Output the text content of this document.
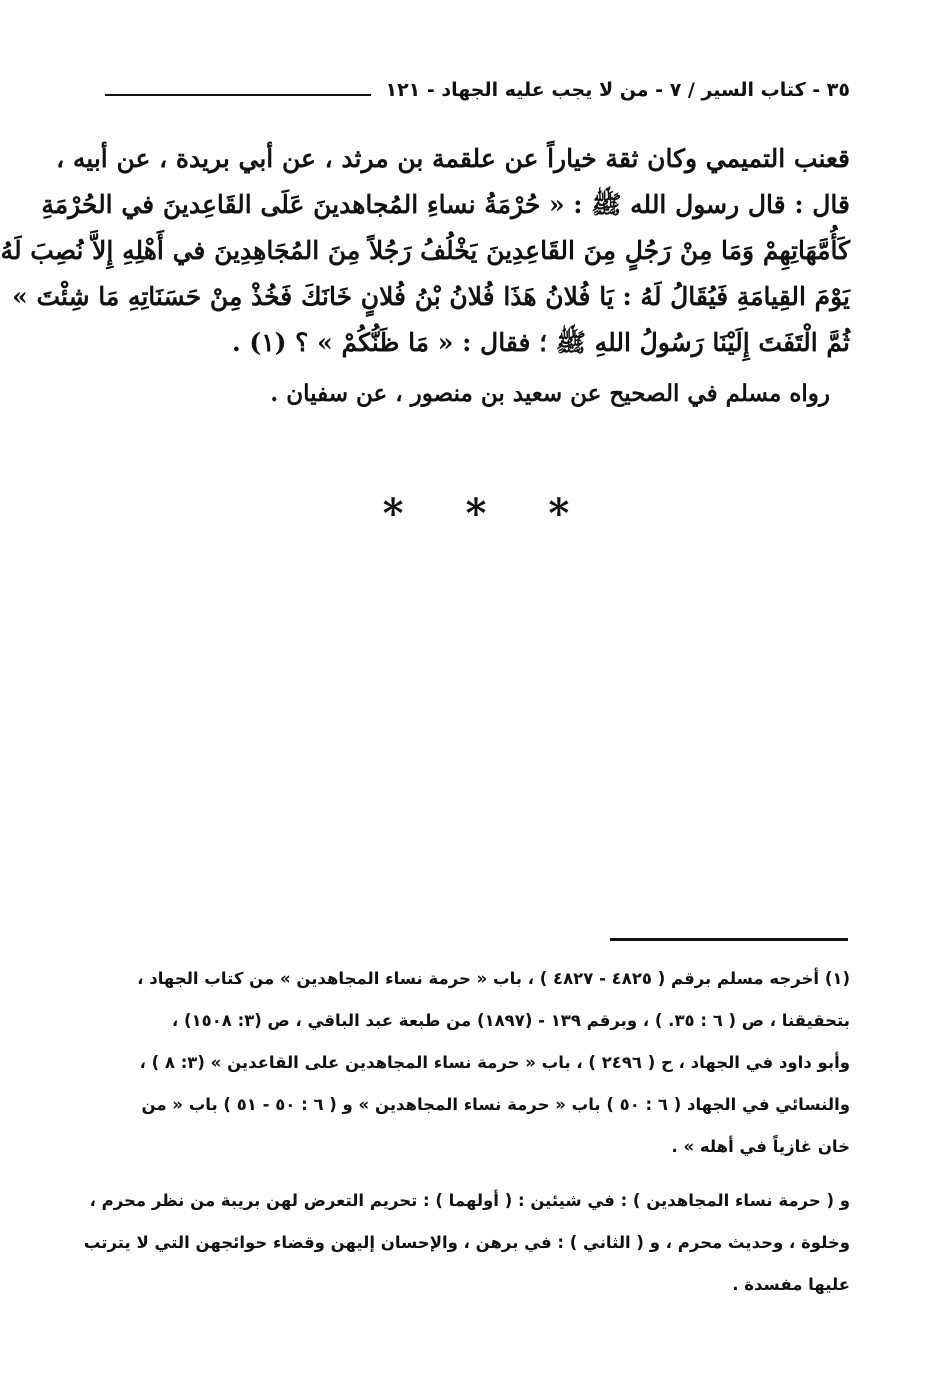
٣٥ - كتاب السير / ٧ - من لا يجب عليه الجهاد - ١٢١
قعنب التميمي وكان ثقة خياراً عن علقمة بن مرثد ، عن أبي بريدة ، عن أبيه ،
قال : قال رسول الله ﷺ : « حُرْمَةُ نساءِ المُجاهدينَ عَلَى القَاعِدينَ في الحُرْمَةِ
كَأُمَّهَاتِهِمْ وَمَا مِنْ رَجُلٍ مِنَ القَاعِدِينَ يَخْلُفُ رَجُلاً مِنَ المُجَاهِدِينَ في أَهْلِهِ إِلاَّ نُصِبَ لَهُ
يَوْمَ القِيامَةِ فَيُقَالُ لَهُ : يَا فُلانُ هَذَا فُلانُ بْنُ فُلانٍ خَانَكَ فَخُذْ مِنْ حَسَنَاتِهِ مَا شِئْتَ »
ثُمَّ الْتَفَتَ إِلَيْنَا رَسُولُ اللهِ ﷺ ؛ فقال : « مَا ظَنُّكُمْ » ؟ (١) .
رواه مسلم في الصحيح عن سعيد بن منصور ، عن سفيان .
* * *
(١) أخرجه مسلم برقم ( ٤٨٢٥ - ٤٨٢٧ ) ، باب « حرمة نساء المجاهدين » من كتاب الجهاد ،
بتحقيقنا ، ص ( ٦ : ٣٥. ) ، وبرقم ١٣٩ - (١٨٩٧) من طبعة عبد الباقي ، ص (٣: ١٥٠٨) ،
وأبو داود في الجهاد ، ح ( ٢٤٩٦ ) ، باب « حرمة نساء المجاهدين على القاعدين » (٣: ٨ ) ،
والنسائي في الجهاد ( ٦ : ٥٠ ) باب « حرمة نساء المجاهدين » و ( ٦ : ٥٠ - ٥١ ) باب « من
خان غازياً في أهله » .
و ( حرمة نساء المجاهدين ) : في شيئين : ( أولهما ) : تحريم التعرض لهن بريبة من نظر محرم ،
وخلوة ، وحديث محرم ، و ( الثاني ) : في برهن ، والإحسان إليهن وقضاء حوائجهن التي لا يترتب
عليها مفسدة .
